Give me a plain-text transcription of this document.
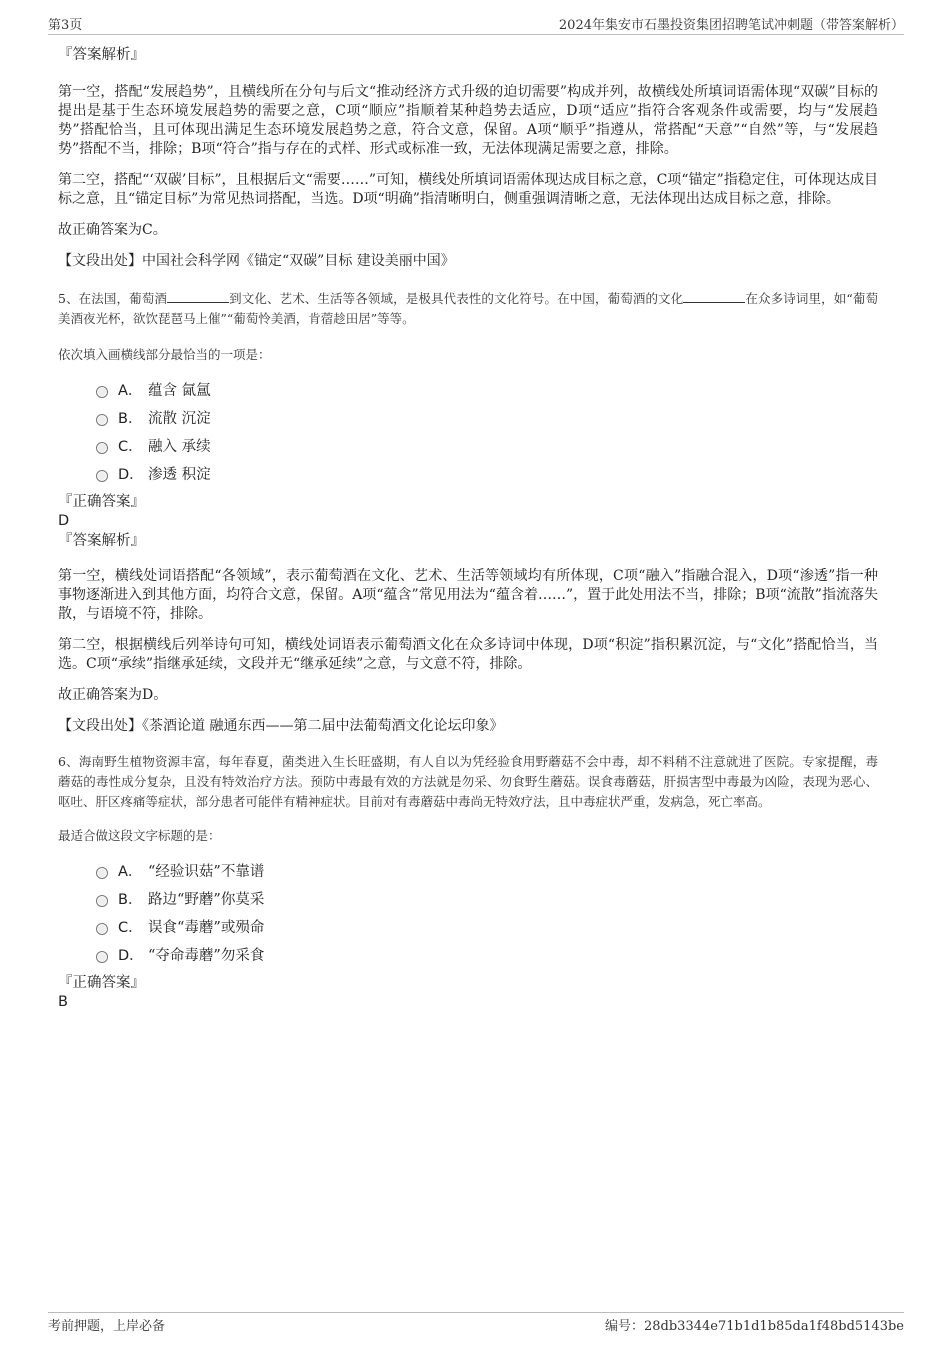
第3页	2024年集安市石墨投资集团招聘笔试冲刺题（带答案解析）

『答案解析』

第一空，搭配“发展趋势”，且横线所在分句与后文“推动经济方式升级的迫切需要”构成并列，故横线处所填词语需体现“双碳”目标的提出是基于生态环境发展趋势的需要之意，C项“顺应”指顺着某种趋势去适应，D项“适应”指符合客观条件或需要，均与“发展趋势”搭配恰当，且可体现出满足生态环境发展趋势之意，符合文意，保留。A项“顺乎”指遵从，常搭配“天意”“自然”等，与“发展趋势”搭配不当，排除；B项“符合”指与存在的式样、形式或标准一致，无法体现满足需要之意，排除。

第二空，搭配“‘双碳’目标”，且根据后文“需要……”可知，横线处所填词语需体现达成目标之意，C项“锚定”指稳定住，可体现达成目标之意，且“锚定目标”为常见热词搭配，当选。D项“明确”指清晰明白，侧重强调清晰之意，无法体现出达成目标之意，排除。

故正确答案为C。

【文段出处】中国社会科学网《锚定“双碳”目标 建设美丽中国》

5、在法国，葡萄酒	到文化、艺术、生活等各领域，是极具代表性的文化符号。在中国，葡萄酒的文化	在众多诗词里，如“葡萄美酒夜光杯，欲饮琵琶马上催”“葡萄怜美酒，肯蓿趁田居”等等。

依次填入画横线部分最恰当的一项是：

A． 蕴含 氤氲
B． 流散 沉淀
C． 融入 承续
D． 渗透 积淀

『正确答案』

D

『答案解析』

第一空，横线处词语搭配“各领域”，表示葡萄酒在文化、艺术、生活等领域均有所体现，C项“融入”指融合混入，D项“渗透”指一种事物逐渐进入到其他方面，均符合文意，保留。A项“蕴含”常见用法为“蕴含着……”，置于此处用法不当，排除；B项“流散”指流落失散，与语境不符，排除。

第二空，根据横线后列举诗句可知，横线处词语表示葡萄酒文化在众多诗词中体现，D项“积淀”指积累沉淀，与“文化”搭配恰当，当选。C项“承续”指继承延续，文段并无“继承延续”之意，与文意不符，排除。

故正确答案为D。

【文段出处】《茶酒论道 融通东西——第二届中法葡萄酒文化论坛印象》

6、海南野生植物资源丰富，每年春夏，菌类进入生长旺盛期，有人自以为凭经验食用野蘑菇不会中毒，却不料稍不注意就进了医院。专家提醒，毒蘑菇的毒性成分复杂，且没有特效治疗方法。预防中毒最有效的方法就是勿采、勿食野生蘑菇。误食毒蘑菇，肝损害型中毒最为凶险，表现为恶心、呕吐、肝区疼痛等症状，部分患者可能伴有精神症状。目前对有毒蘑菇中毒尚无特效疗法，且中毒症状严重，发病急，死亡率高。

最适合做这段文字标题的是：

A． “经验识菇”不靠谱
B． 路边“野蘑”你莫采
C． 误食“毒蘑”或殒命
D． “夺命毒蘑”勿采食

『正确答案』

B

考前押题，上岸必备	编号：28db3344e71b1d1b85da1f48bd5143be
